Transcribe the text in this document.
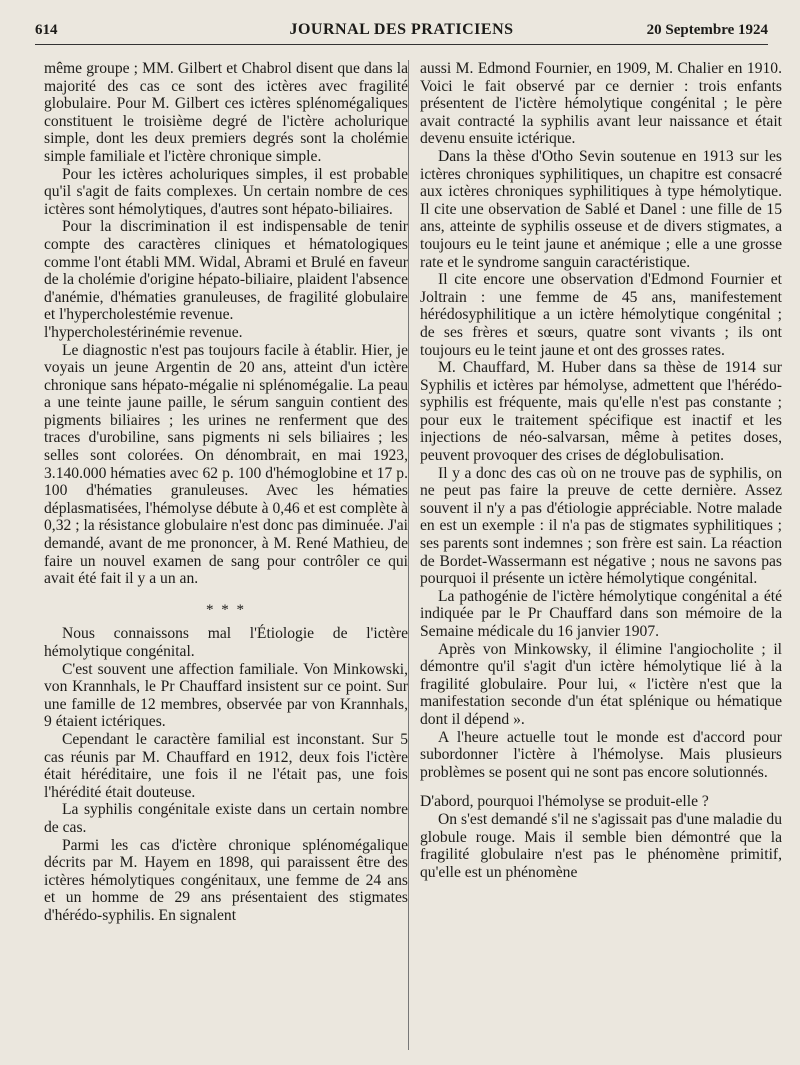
614	JOURNAL DES PRATICIENS	20 Septembre 1924

même groupe ; MM. Gilbert et Chabrol disent que dans la majorité des cas ce sont des ictères avec fragilité globulaire. Pour M. Gilbert ces ictères splénomégaliques constituent le troisième degré de l'ictère acholurique simple, dont les deux premiers degrés sont la cholémie simple familiale et l'ictère chronique simple.

Pour les ictères acholuriques simples, il est probable qu'il s'agit de faits complexes. Un certain nombre de ces ictères sont hémolytiques, d'autres sont hépato-biliaires.

Pour la discrimination il est indispensable de tenir compte des caractères cliniques et hématologiques comme l'ont établi MM. Widal, Abrami et Brulé en faveur de la cholémie d'origine hépato-biliaire, plaident l'absence d'anémie, d'hématies granuleuses, de fragilité globulaire et l'hypercholestémie revenue.

l'hypercholestérinémie revenue.

Le diagnostic n'est pas toujours facile à établir. Hier, je voyais un jeune Argentin de 20 ans, atteint d'un ictère chronique sans hépato-mégalie ni splénomégalie. La peau a une teinte jaune paille, le sérum sanguin contient des pigments biliaires ; les urines ne renferment que des traces d'urobiline, sans pigments ni sels biliaires ; les selles sont colorées. On dénombrait, en mai 1923, 3.140.000 hématies avec 62 p. 100 d'hémoglobine et 17 p. 100 d'hématies granuleuses. Avec les hématies déplasmatisées, l'hémolyse débute à 0,46 et est complète à 0,32 ; la résistance globulaire n'est donc pas diminuée. J'ai demandé, avant de me prononcer, à M. René Mathieu, de faire un nouvel examen de sang pour contrôler ce qui avait été fait il y a un an.

* * *

Nous connaissons mal l'Étiologie de l'ictère hémolytique congénital.

C'est souvent une affection familiale. Von Minkowski, von Krannhals, le Pr Chauffard insistent sur ce point. Sur une famille de 12 membres, observée par von Krannhals, 9 étaient ictériques.

Cependant le caractère familial est inconstant. Sur 5 cas réunis par M. Chauffard en 1912, deux fois l'ictère était héréditaire, une fois il ne l'était pas, une fois l'hérédité était douteuse.

La syphilis congénitale existe dans un certain nombre de cas.

Parmi les cas d'ictère chronique splénomégalique décrits par M. Hayem en 1898, qui paraissent être des ictères hémolytiques congénitaux, une femme de 24 ans et un homme de 29 ans présentaient des stigmates d'hérédo-syphilis. En signalent

aussi M. Edmond Fournier, en 1909, M. Chalier en 1910. Voici le fait observé par ce dernier : trois enfants présentent de l'ictère hémolytique congénital ; le père avait contracté la syphilis avant leur naissance et était devenu ensuite ictérique.

Dans la thèse d'Otho Sevin soutenue en 1913 sur les ictères chroniques syphilitiques, un chapitre est consacré aux ictères chroniques syphilitiques à type hémolytique. Il cite une observation de Sablé et Danel : une fille de 15 ans, atteinte de syphilis osseuse et de divers stigmates, a toujours eu le teint jaune et anémique ; elle a une grosse rate et le syndrome sanguin caractéristique.

Il cite encore une observation d'Edmond Fournier et Joltrain : une femme de 45 ans, manifestement hérédosyphilitique a un ictère hémolytique congénital ; de ses frères et sœurs, quatre sont vivants ; ils ont toujours eu le teint jaune et ont des grosses rates.

M. Chauffard, M. Huber dans sa thèse de 1914 sur Syphilis et ictères par hémolyse, admettent que l'hérédo-syphilis est fréquente, mais qu'elle n'est pas constante ; pour eux le traitement spécifique est inactif et les injections de néo-salvarsan, même à petites doses, peuvent provoquer des crises de déglobulisation.

Il y a donc des cas où on ne trouve pas de syphilis, on ne peut pas faire la preuve de cette dernière. Assez souvent il n'y a pas d'étiologie appréciable. Notre malade en est un exemple : il n'a pas de stigmates syphilitiques ; ses parents sont indemnes ; son frère est sain. La réaction de Bordet-Wassermann est négative ; nous ne savons pas pourquoi il présente un ictère hémolytique congénital.

La pathogénie de l'ictère hémolytique congénital a été indiquée par le Pr Chauffard dans son mémoire de la Semaine médicale du 16 janvier 1907.

Après von Minkowsky, il élimine l'angiocholite ; il démontre qu'il s'agit d'un ictère hémolytique lié à la fragilité globulaire. Pour lui, « l'ictère n'est que la manifestation seconde d'un état splénique ou hématique dont il dépend ».

A l'heure actuelle tout le monde est d'accord pour subordonner l'ictère à l'hémolyse. Mais plusieurs problèmes se posent qui ne sont pas encore solutionnés.

D'abord, pourquoi l'hémolyse se produit-elle ?

On s'est demandé s'il ne s'agissait pas d'une maladie du globule rouge. Mais il semble bien démontré que la fragilité globulaire n'est pas le phénomène primitif, qu'elle est un phénomène
